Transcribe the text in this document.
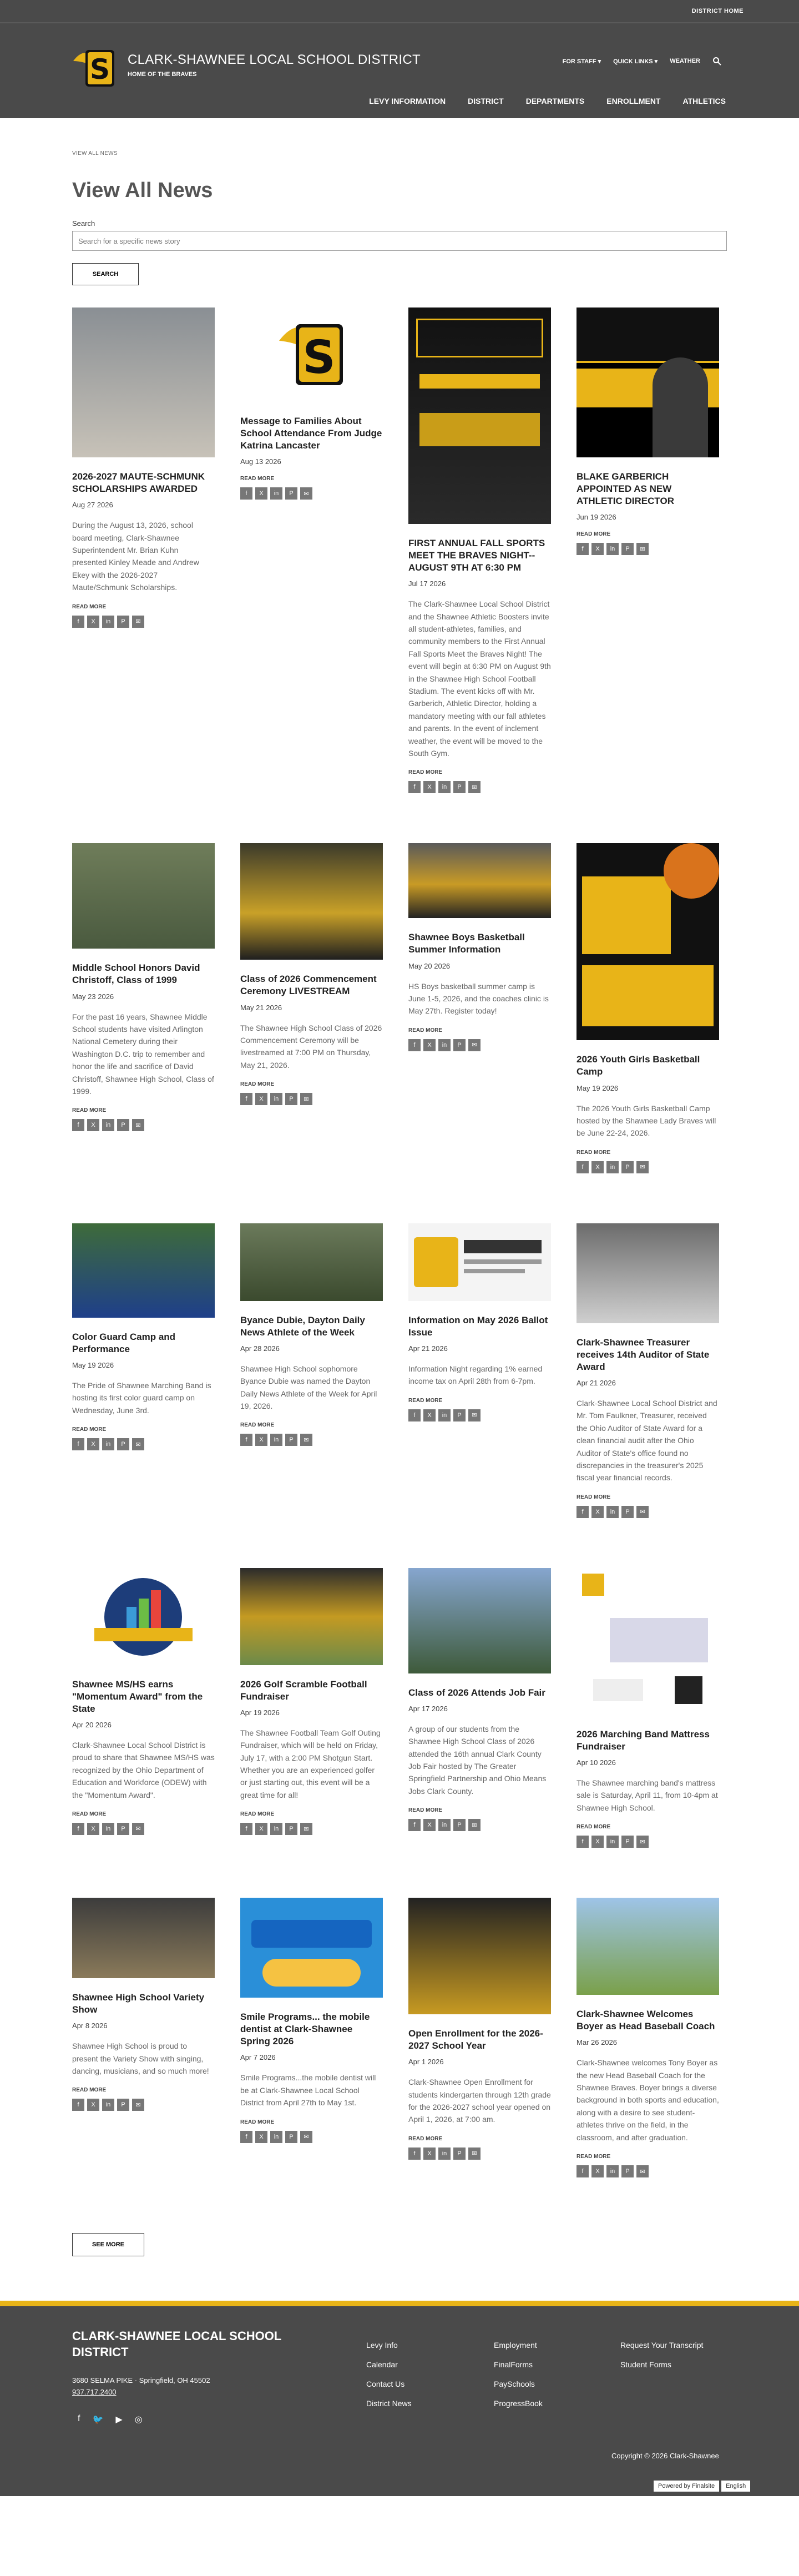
DISTRICT HOME
S CLARK-SHAWNEE LOCAL SCHOOL DISTRICT
HOME OF THE BRAVES
FOR STAFF ▾ QUICK LINKS ▾ WEATHER
LEVY INFORMATION	DISTRICT	DEPARTMENTS	ENROLLMENT	ATHLETICS
VIEW ALL NEWS
View All News
Search
Search for a specific news story
SEARCH
2026-2027 MAUTE-SCHMUNK SCHOLARSHIPS AWARDED
Aug 27 2026
During the August 13, 2026, school board meeting, Clark-Shawnee Superintendent Mr. Brian Kuhn presented Kinley Meade and Andrew Ekey with the 2026-2027 Maute/Schmunk Scholarships.
READ MORE
f	X	in	P	✉
S
Message to Families About School Attendance From Judge Katrina Lancaster
Aug 13 2026
READ MORE
f	X	in	P	✉
FIRST ANNUAL FALL SPORTS MEET THE BRAVES NIGHT--AUGUST 9TH AT 6:30 PM
Jul 17 2026
The Clark-Shawnee Local School District and the Shawnee Athletic Boosters invite all student-athletes, families, and community members to the First Annual Fall Sports Meet the Braves Night! The event will begin at 6:30 PM on August 9th in the Shawnee High School Football Stadium. The event kicks off with Mr. Garberich, Athletic Director, holding a mandatory meeting with our fall athletes and parents. In the event of inclement weather, the event will be moved to the South Gym.
READ MORE
f	X	in	P	✉
BLAKE GARBERICH APPOINTED AS NEW ATHLETIC DIRECTOR
Jun 19 2026
READ MORE
f	X	in	P	✉
Middle School Honors David Christoff, Class of 1999
May 23 2026
For the past 16 years, Shawnee Middle School students have visited Arlington National Cemetery during their Washington D.C. trip to remember and honor the life and sacrifice of David Christoff, Shawnee High School, Class of 1999.
READ MORE
f	X	in	P	✉
Class of 2026 Commencement Ceremony LIVESTREAM
May 21 2026
The Shawnee High School Class of 2026 Commencement Ceremony will be livestreamed at 7:00 PM on Thursday, May 21, 2026.
READ MORE
f	X	in	P	✉
Shawnee Boys Basketball Summer Information
May 20 2026
HS Boys basketball summer camp is June 1-5, 2026, and the coaches clinic is May 27th. Register today!
READ MORE
f	X	in	P	✉
2026 Youth Girls Basketball Camp
May 19 2026
The 2026 Youth Girls Basketball Camp hosted by the Shawnee Lady Braves will be June 22-24, 2026.
READ MORE
f	X	in	P	✉
Color Guard Camp and Performance
May 19 2026
The Pride of Shawnee Marching Band is hosting its first color guard camp on Wednesday, June 3rd.
READ MORE
f	X	in	P	✉
Byance Dubie, Dayton Daily News Athlete of the Week
Apr 28 2026
Shawnee High School sophomore Byance Dubie was named the Dayton Daily News Athlete of the Week for April 19, 2026.
READ MORE
f	X	in	P	✉
Information on May 2026 Ballot Issue
Apr 21 2026
Information Night regarding 1% earned income tax on April 28th from 6-7pm.
READ MORE
f	X	in	P	✉
Clark-Shawnee Treasurer receives 14th Auditor of State Award
Apr 21 2026
Clark-Shawnee Local School District and Mr. Tom Faulkner, Treasurer, received the Ohio Auditor of State Award for a clean financial audit after the Ohio Auditor of State's office found no discrepancies in the treasurer's 2025 fiscal year financial records.
READ MORE
f	X	in	P	✉
Shawnee MS/HS earns "Momentum Award" from the State
Apr 20 2026
Clark-Shawnee Local School District is proud to share that Shawnee MS/HS was recognized by the Ohio Department of Education and Workforce (ODEW) with the "Momentum Award".
READ MORE
f	X	in	P	✉
2026 Golf Scramble Football Fundraiser
Apr 19 2026
The Shawnee Football Team Golf Outing Fundraiser, which will be held on Friday, July 17, with a 2:00 PM Shotgun Start. Whether you are an experienced golfer or just starting out, this event will be a great time for all!
READ MORE
f	X	in	P	✉
Class of 2026 Attends Job Fair
Apr 17 2026
A group of our students from the Shawnee High School Class of 2026 attended the 16th annual Clark County Job Fair hosted by The Greater Springfield Partnership and Ohio Means Jobs Clark County.
READ MORE
f	X	in	P	✉
2026 Marching Band Mattress Fundraiser
Apr 10 2026
The Shawnee marching band's mattress sale is Saturday, April 11, from 10-4pm at Shawnee High School.
READ MORE
f	X	in	P	✉
Shawnee High School Variety Show
Apr 8 2026
Shawnee High School is proud to present the Variety Show with singing, dancing, musicians, and so much more!
READ MORE
f	X	in	P	✉
Smile Programs... the mobile dentist at Clark-Shawnee Spring 2026
Apr 7 2026
Smile Programs...the mobile dentist will be at Clark-Shawnee Local School District from April 27th to May 1st.
READ MORE
f	X	in	P	✉
Open Enrollment for the 2026-2027 School Year
Apr 1 2026
Clark-Shawnee Open Enrollment for students kindergarten through 12th grade for the 2026-2027 school year opened on April 1, 2026, at 7:00 am.
READ MORE
f	X	in	P	✉
Clark-Shawnee Welcomes Boyer as Head Baseball Coach
Mar 26 2026
Clark-Shawnee welcomes Tony Boyer as the new Head Baseball Coach for the Shawnee Braves. Boyer brings a diverse background in both sports and education, along with a desire to see student-athletes thrive on the field, in the classroom, and after graduation.
READ MORE
f	X	in	P	✉
SEE MORE
CLARK-SHAWNEE LOCAL SCHOOL DISTRICT
3680 SELMA PIKE · Springfield, OH 45502
937.717.2400
f 🐦 ▶ ◎
Levy Info
Calendar
Contact Us
District News
Employment
FinalForms
PaySchools
ProgressBook
Request Your Transcript
Student Forms
Copyright © 2026 Clark-Shawnee
Powered by Finalsite	English
